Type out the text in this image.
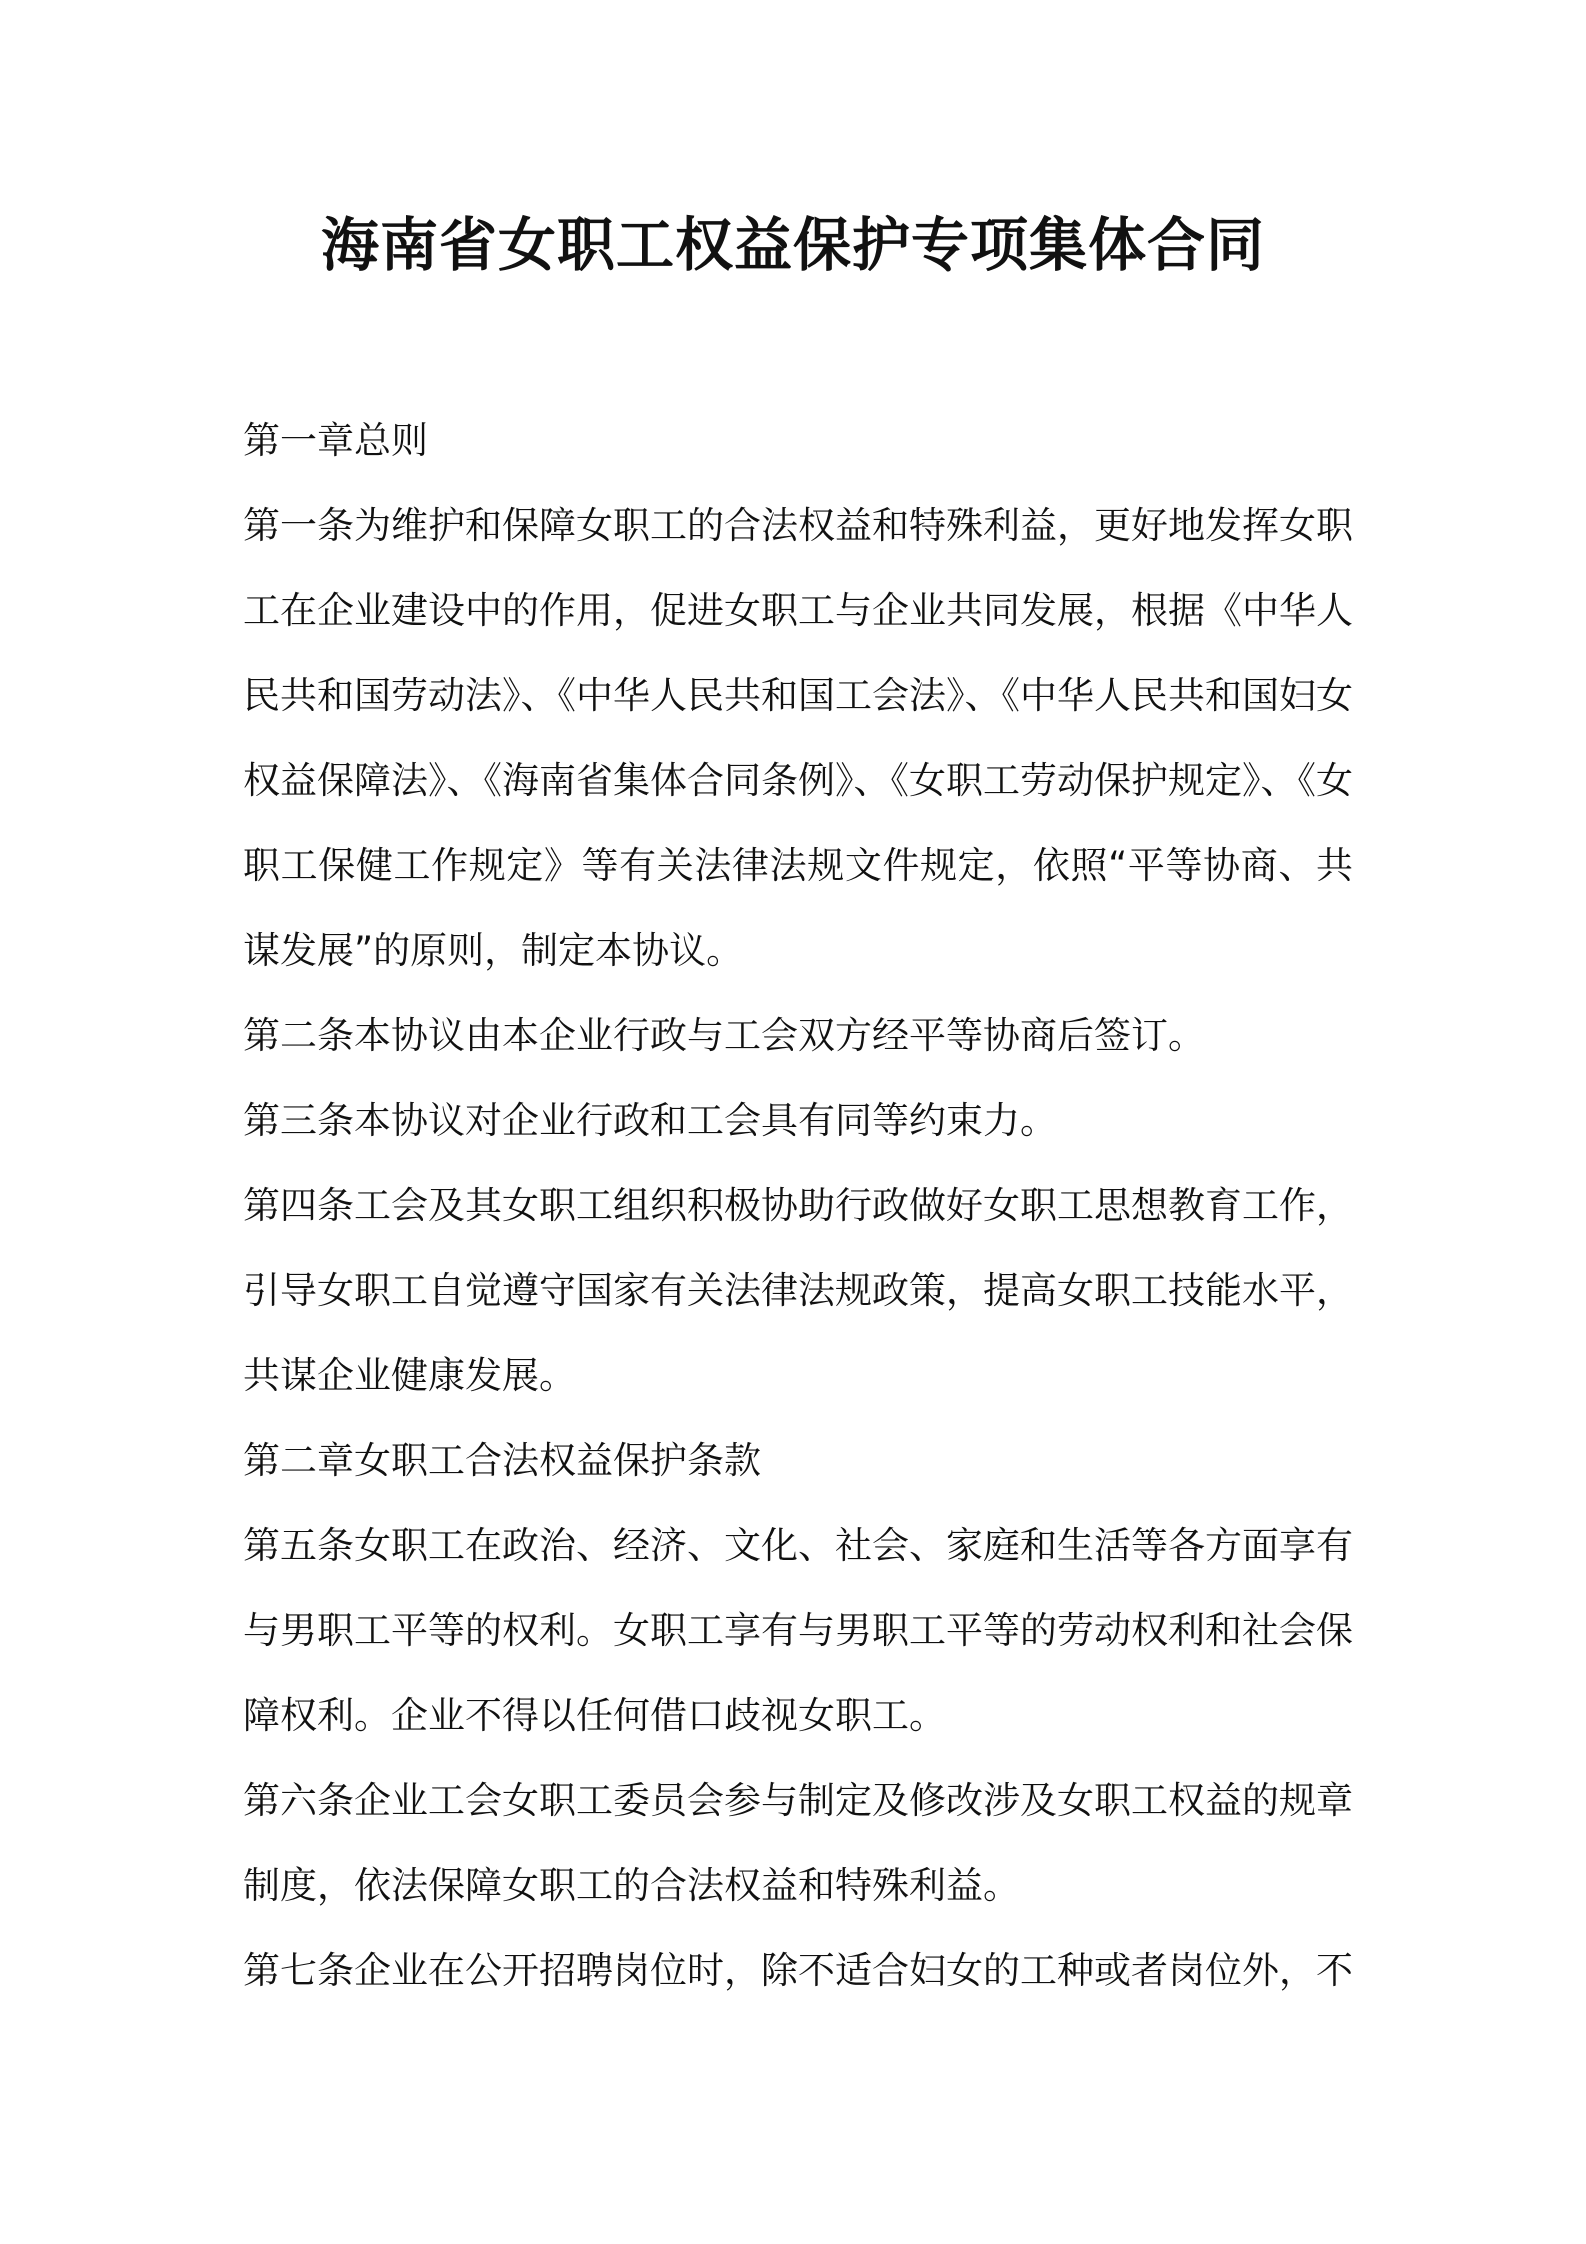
海南省女职工权益保护专项集体合同

第一章总则

第一条为维护和保障女职工的合法权益和特殊利益，更好地发挥女职工在企业建设中的作用，促进女职工与企业共同发展，根据《中华人民共和国劳动法》、《中华人民共和国工会法》、《中华人民共和国妇女权益保障法》、《海南省集体合同条例》、《女职工劳动保护规定》、《女职工保健工作规定》等有关法律法规文件规定，依照“平等协商、共谋发展”的原则，制定本协议。

第二条本协议由本企业行政与工会双方经平等协商后签订。

第三条本协议对企业行政和工会具有同等约束力。

第四条工会及其女职工组织积极协助行政做好女职工思想教育工作，引导女职工自觉遵守国家有关法律法规政策，提高女职工技能水平，共谋企业健康发展。

第二章女职工合法权益保护条款

第五条女职工在政治、经济、文化、社会、家庭和生活等各方面享有与男职工平等的权利。女职工享有与男职工平等的劳动权利和社会保障权利。企业不得以任何借口歧视女职工。

第六条企业工会女职工委员会参与制定及修改涉及女职工权益的规章制度，依法保障女职工的合法权益和特殊利益。

第七条企业在公开招聘岗位时，除不适合妇女的工种或者岗位外，不
